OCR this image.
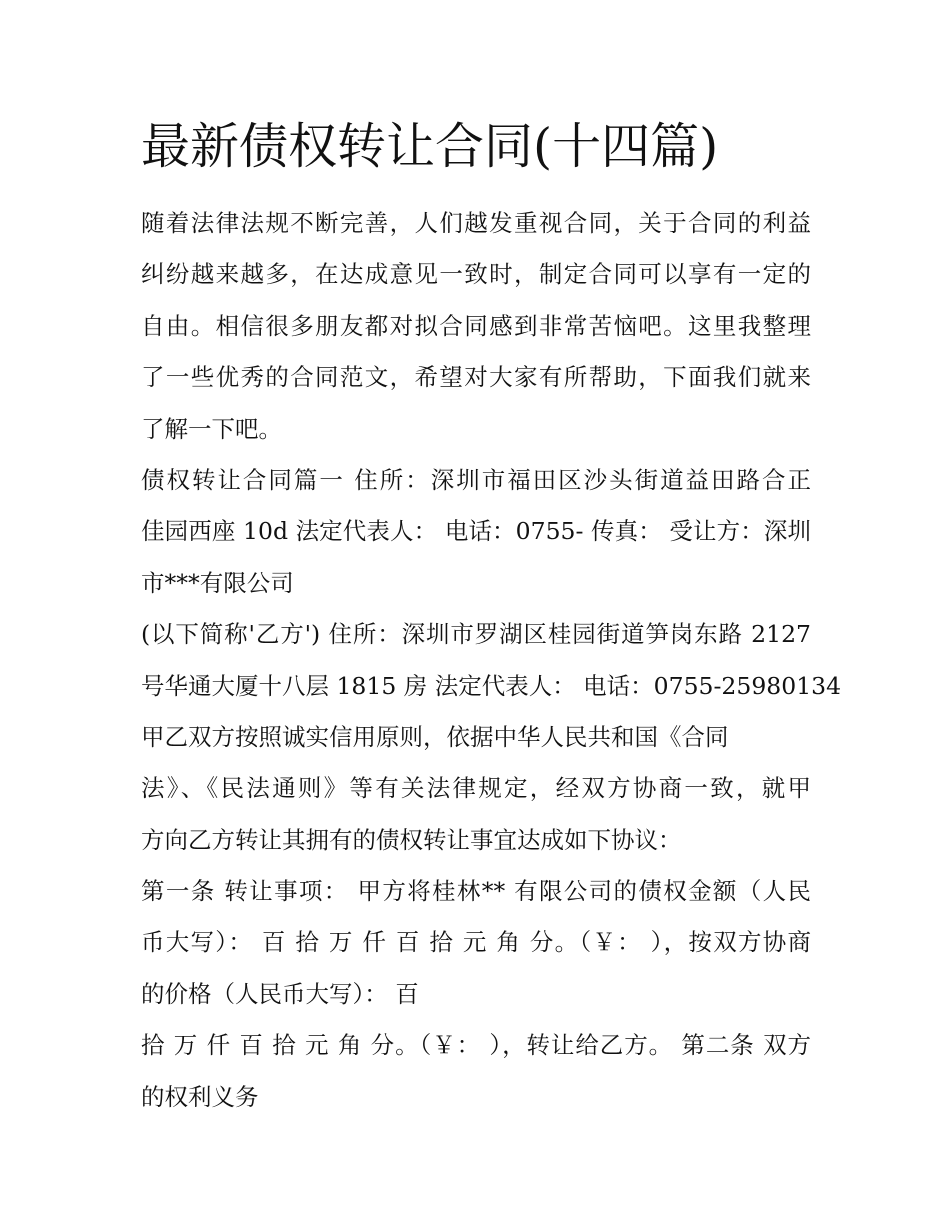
最新债权转让合同(十四篇)
随着法律法规不断完善，人们越发重视合同，关于合同的利益
纠纷越来越多，在达成意见一致时，制定合同可以享有一定的
自由。相信很多朋友都对拟合同感到非常苦恼吧。这里我整理
了一些优秀的合同范文，希望对大家有所帮助，下面我们就来
了解一下吧。
债权转让合同篇一 住所：深圳市福田区沙头街道益田路合正
佳园西座 10d 法定代表人： 电话：0755- 传真： 受让方：深圳
市***有限公司
(以下简称'乙方') 住所：深圳市罗湖区桂园街道笋岗东路 2127
号华通大厦十八层 1815 房 法定代表人： 电话：0755-25980134
甲乙双方按照诚实信用原则，依据中华人民共和国《合同
法》、《民法通则》等有关法律规定，经双方协商一致，就甲
方向乙方转让其拥有的债权转让事宜达成如下协议：
第一条 转让事项： 甲方将桂林** 有限公司的债权金额（人民
币大写）： 百 拾 万 仟 百 拾 元 角 分。（￥： ），按双方协商
的价格（人民币大写）： 百
拾 万 仟 百 拾 元 角 分。（￥： ），转让给乙方。 第二条 双方
的权利义务
